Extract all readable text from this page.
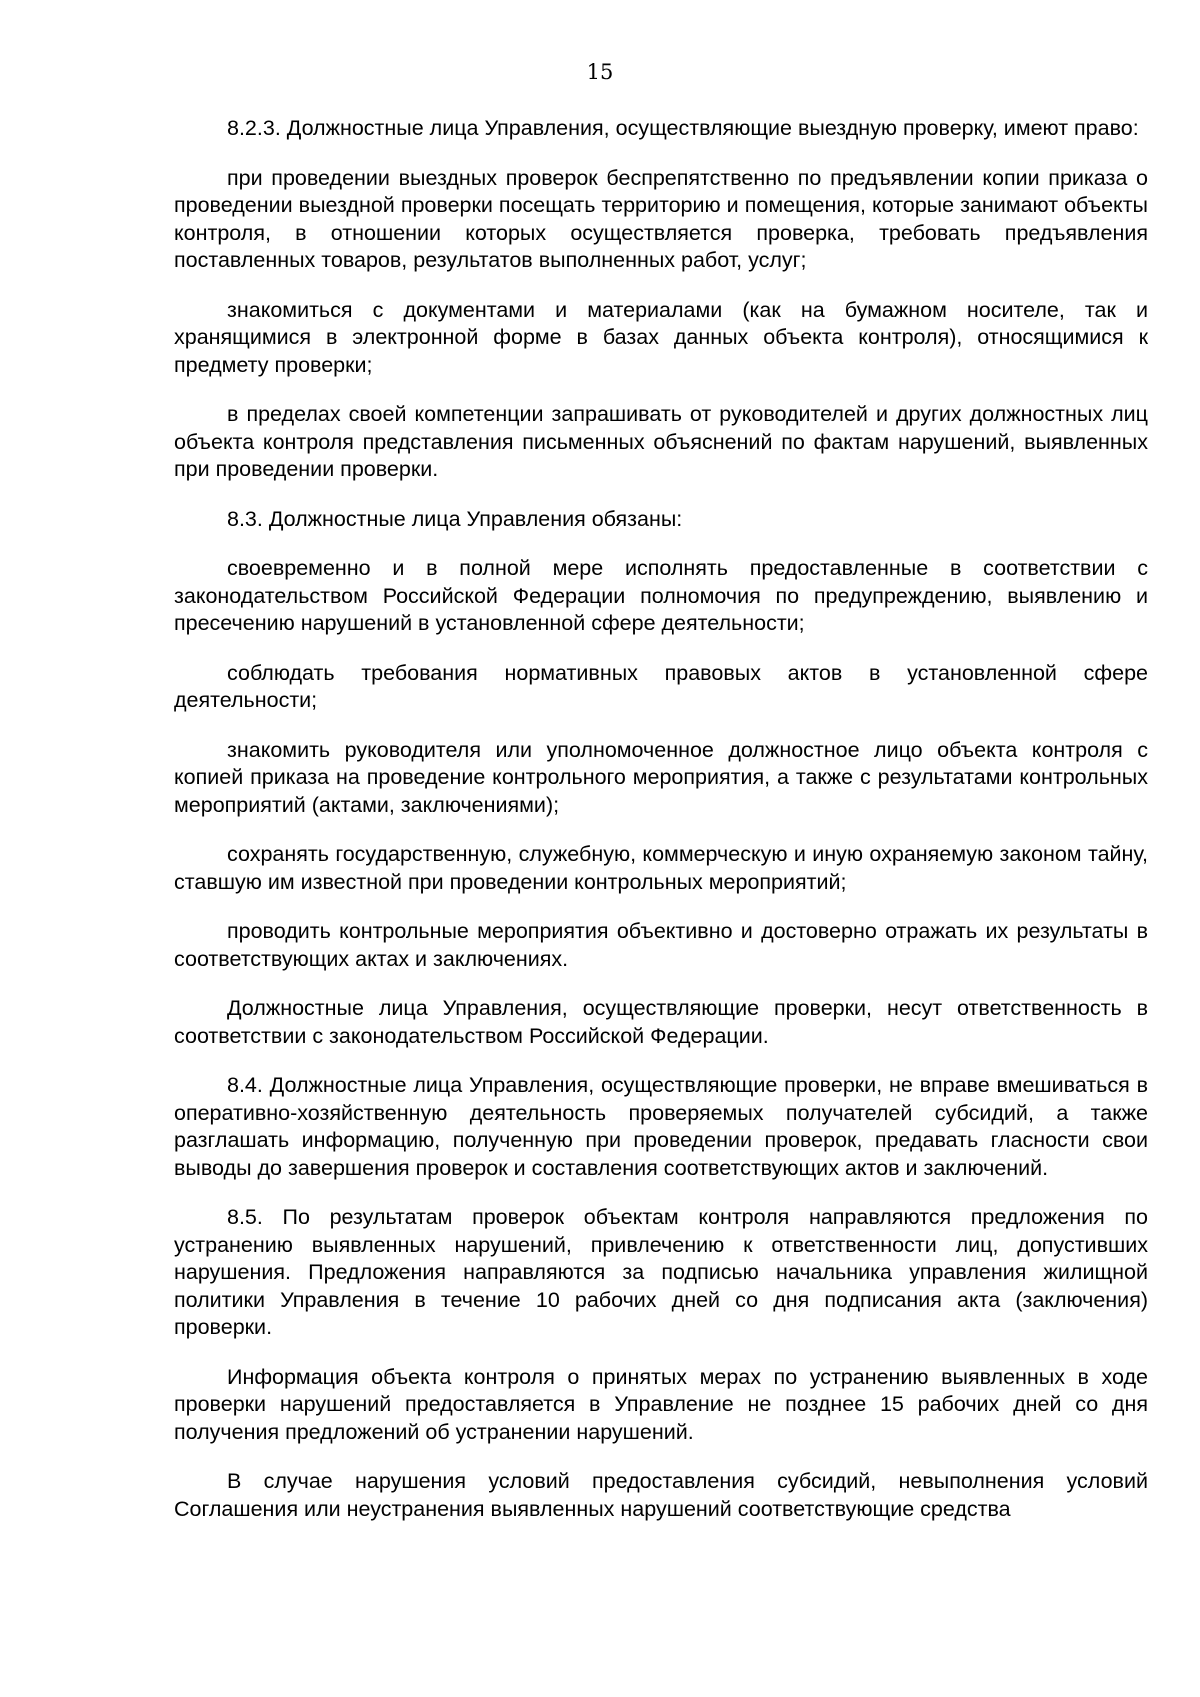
15

8.2.3. Должностные лица Управления, осуществляющие выездную проверку, имеют право:

при проведении выездных проверок беспрепятственно по предъявлении копии приказа о проведении выездной проверки посещать территорию и помещения, которые занимают объекты контроля, в отношении которых осуществляется проверка, требовать предъявления поставленных товаров, результатов выполненных работ, услуг;

знакомиться с документами и материалами (как на бумажном носителе, так и хранящимися в электронной форме в базах данных объекта контроля), относящимися к предмету проверки;

в пределах своей компетенции запрашивать от руководителей и других должностных лиц объекта контроля представления письменных объяснений по фактам нарушений, выявленных при проведении проверки.

8.3. Должностные лица Управления обязаны:

своевременно и в полной мере исполнять предоставленные в соответствии с законодательством Российской Федерации полномочия по предупреждению, выявлению и пресечению нарушений в установленной сфере деятельности;

соблюдать требования нормативных правовых актов в установленной сфере деятельности;

знакомить руководителя или уполномоченное должностное лицо объекта контроля с копией приказа на проведение контрольного мероприятия, а также с результатами контрольных мероприятий (актами, заключениями);

сохранять государственную, служебную, коммерческую и иную охраняемую законом тайну, ставшую им известной при проведении контрольных мероприятий;

проводить контрольные мероприятия объективно и достоверно отражать их результаты в соответствующих актах и заключениях.

Должностные лица Управления, осуществляющие проверки, несут ответственность в соответствии с законодательством Российской Федерации.

8.4. Должностные лица Управления, осуществляющие проверки, не вправе вмешиваться в оперативно-хозяйственную деятельность проверяемых получателей субсидий, а также разглашать информацию, полученную при проведении проверок, предавать гласности свои выводы до завершения проверок и составления соответствующих актов и заключений.

8.5. По результатам проверок объектам контроля направляются предложения по устранению выявленных нарушений, привлечению к ответственности лиц, допустивших нарушения. Предложения направляются за подписью начальника управления жилищной политики Управления в течение 10 рабочих дней со дня подписания акта (заключения) проверки.

Информация объекта контроля о принятых мерах по устранению выявленных в ходе проверки нарушений предоставляется в Управление не позднее 15 рабочих дней со дня получения предложений об устранении нарушений.

В случае нарушения условий предоставления субсидий, невыполнения условий Соглашения или неустранения выявленных нарушений соответствующие средства
